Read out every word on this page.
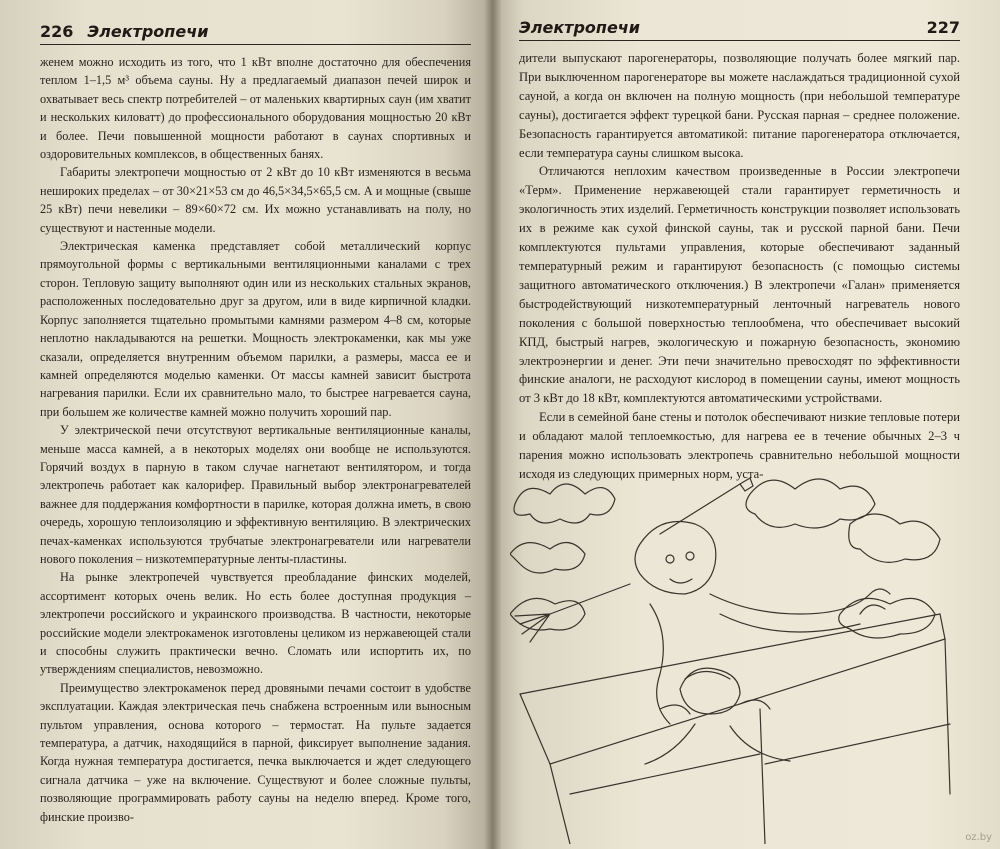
226 Электропечи

женем можно исходить из того, что 1 кВт вполне достаточно для обеспечения теплом 1–1,5 м³ объема сауны. Ну а предлагаемый диапазон печей широк и охватывает весь спектр потребителей – от маленьких квартирных саун (им хватит и нескольких киловатт) до профессионального оборудования мощностью 20 кВт и более. Печи повышенной мощности работают в саунах спортивных и оздоровительных комплексов, в общественных банях.

Габариты электропечи мощностью от 2 кВт до 10 кВт изменяются в весьма нешироких пределах – от 30×21×53 см до 46,5×34,5×65,5 см. А и мощные (свыше 25 кВт) печи невелики – 89×60×72 см. Их можно устанавливать на полу, но существуют и настенные модели.

Электрическая каменка представляет собой металлический корпус прямоугольной формы с вертикальными вентиляционными каналами с трех сторон. Тепловую защиту выполняют один или из нескольких стальных экранов, расположенных последовательно друг за другом, или в виде кирпичной кладки. Корпус заполняется тщательно промытыми камнями размером 4–8 см, которые неплотно накладываются на решетки. Мощность электрокаменки, как мы уже сказали, определяется внутренним объемом парилки, а размеры, масса ее и камней определяются моделью каменки. От массы камней зависит быстрота нагревания парилки. Если их сравнительно мало, то быстрее нагревается сауна, при большем же количестве камней можно получить хороший пар.

У электрической печи отсутствуют вертикальные вентиляционные каналы, меньше масса камней, а в некоторых моделях они вообще не используются. Горячий воздух в парную в таком случае нагнетают вентилятором, и тогда электропечь работает как калорифер. Правильный выбор электронагревателей важнее для поддержания комфортности в парилке, которая должна иметь, в свою очередь, хорошую теплоизоляцию и эффективную вентиляцию. В электрических печах-каменках используются трубчатые электронагреватели или нагреватели нового поколения – низкотемпературные ленты-пластины.

На рынке электропечей чувствуется преобладание финских моделей, ассортимент которых очень велик. Но есть более доступная продукция – электропечи российского и украинского производства. В частности, некоторые российские модели электрокаменок изготовлены целиком из нержавеющей стали и способны служить практически вечно. Сломать или испортить их, по утверждениям специалистов, невозможно.

Преимущество электрокаменок перед дровяными печами состоит в удобстве эксплуатации. Каждая электрическая печь снабжена встроенным или выносным пультом управления, основа которого – термостат. На пульте задается температура, а датчик, находящийся в парной, фиксирует выполнение задания. Когда нужная температура достигается, печка выключается и ждет следующего сигнала датчика – уже на включение. Существуют и более сложные пульты, позволяющие программировать работу сауны на неделю вперед. Кроме того, финские произво-

Электропечи	227

дители выпускают парогенераторы, позволяющие получать более мягкий пар. При выключенном парогенераторе вы можете наслаждаться традиционной сухой сауной, а когда он включен на полную мощность (при небольшой температуре сауны), достигается эффект турецкой бани. Русская парная – среднее положение. Безопасность гарантируется автоматикой: питание парогенератора отключается, если температура сауны слишком высока.

Отличаются неплохим качеством произведенные в России электропечи «Терм». Применение нержавеющей стали гарантирует герметичность и экологичность этих изделий. Герметичность конструкции позволяет использовать их в режиме как сухой финской сауны, так и русской парной бани. Печи комплектуются пультами управления, которые обеспечивают заданный температурный режим и гарантируют безопасность (с помощью системы защитного автоматического отключения.) В электропечи «Галан» применяется быстродействующий низкотемпературный ленточный нагреватель нового поколения с большой поверхностью теплообмена, что обеспечивает высокий КПД, быстрый нагрев, экологическую и пожарную безопасность, экономию электроэнергии и денег. Эти печи значительно превосходят по эффективности финские аналоги, не расходуют кислород в помещении сауны, имеют мощность от 3 кВт до 18 кВт, комплектуются автоматическими устройствами.

Если в семейной бане стены и потолок обеспечивают низкие тепловые потери и обладают малой теплоемкостью, для нагрева ее в течение обычных 2–3 ч парения можно использовать электропечь сравнительно небольшой мощности исходя из следующих примерных норм, уста-

oz.by
